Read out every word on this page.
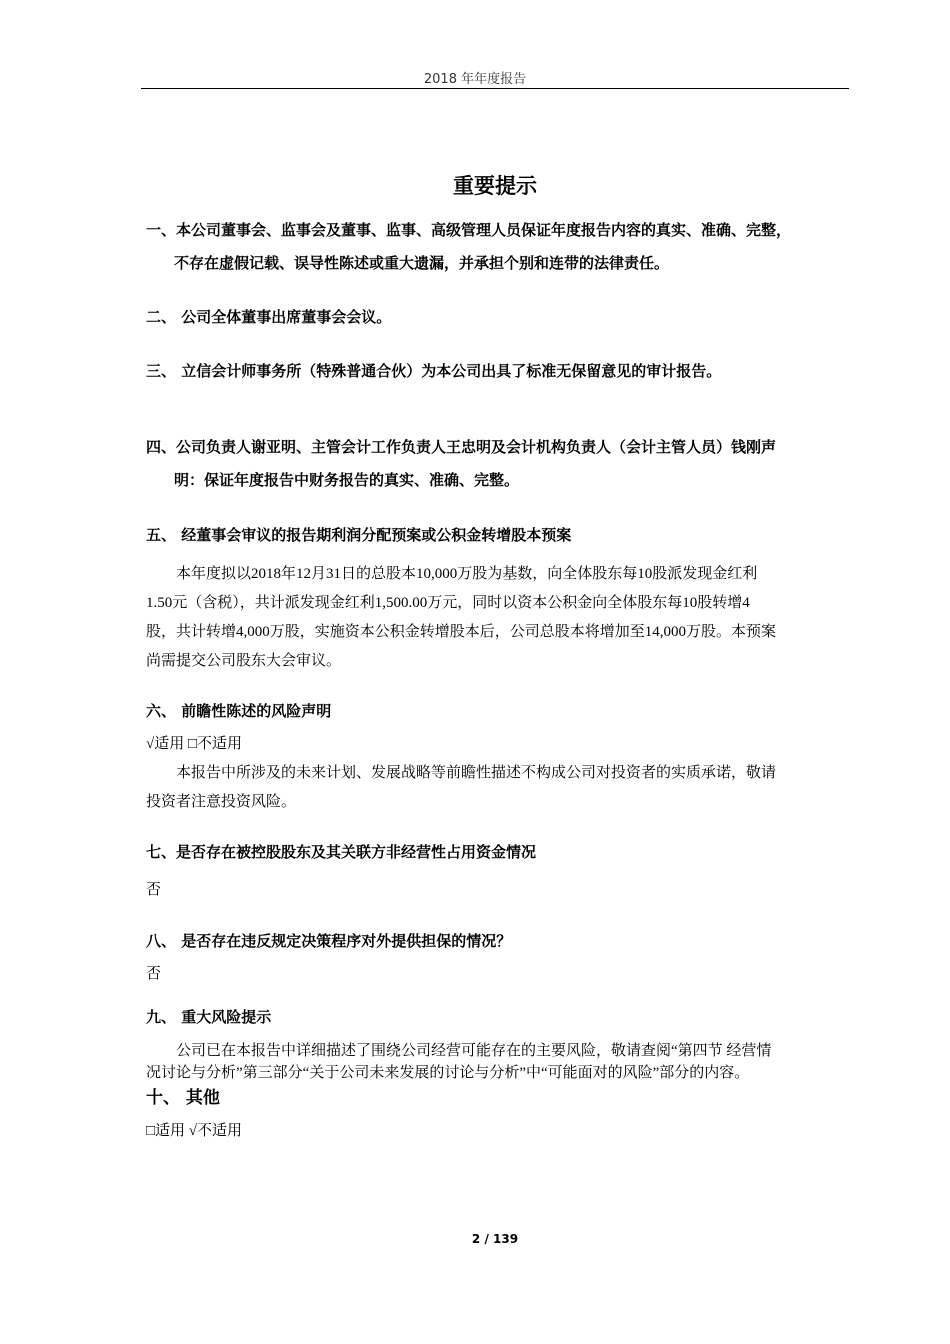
2018 年年度报告
重要提示
一、本公司董事会、监事会及董事、监事、高级管理人员保证年度报告内容的真实、准确、完整，
不存在虚假记载、误导性陈述或重大遗漏，并承担个别和连带的法律责任。
二、 公司全体董事出席董事会会议。
三、 立信会计师事务所（特殊普通合伙）为本公司出具了标准无保留意见的审计报告。
四、公司负责人谢亚明、主管会计工作负责人王忠明及会计机构负责人（会计主管人员）钱刚声
明：保证年度报告中财务报告的真实、准确、完整。
五、 经董事会审议的报告期利润分配预案或公积金转增股本预案
本年度拟以2018年12月31日的总股本10,000万股为基数，向全体股东每10股派发现金红利
1.50元（含税），共计派发现金红利1,500.00万元，同时以资本公积金向全体股东每10股转增4
股，共计转增4,000万股，实施资本公积金转增股本后，公司总股本将增加至14,000万股。本预案
尚需提交公司股东大会审议。
六、 前瞻性陈述的风险声明
√适用 □不适用
本报告中所涉及的未来计划、发展战略等前瞻性描述不构成公司对投资者的实质承诺，敬请
投资者注意投资风险。
七、是否存在被控股股东及其关联方非经营性占用资金情况
否
八、 是否存在违反规定决策程序对外提供担保的情况？
否
九、 重大风险提示
公司已在本报告中详细描述了围绕公司经营可能存在的主要风险，敬请查阅“第四节 经营情
况讨论与分析”第三部分“关于公司未来发展的讨论与分析”中“可能面对的风险”部分的内容。
十、 其他
□适用 √不适用
2 / 139
